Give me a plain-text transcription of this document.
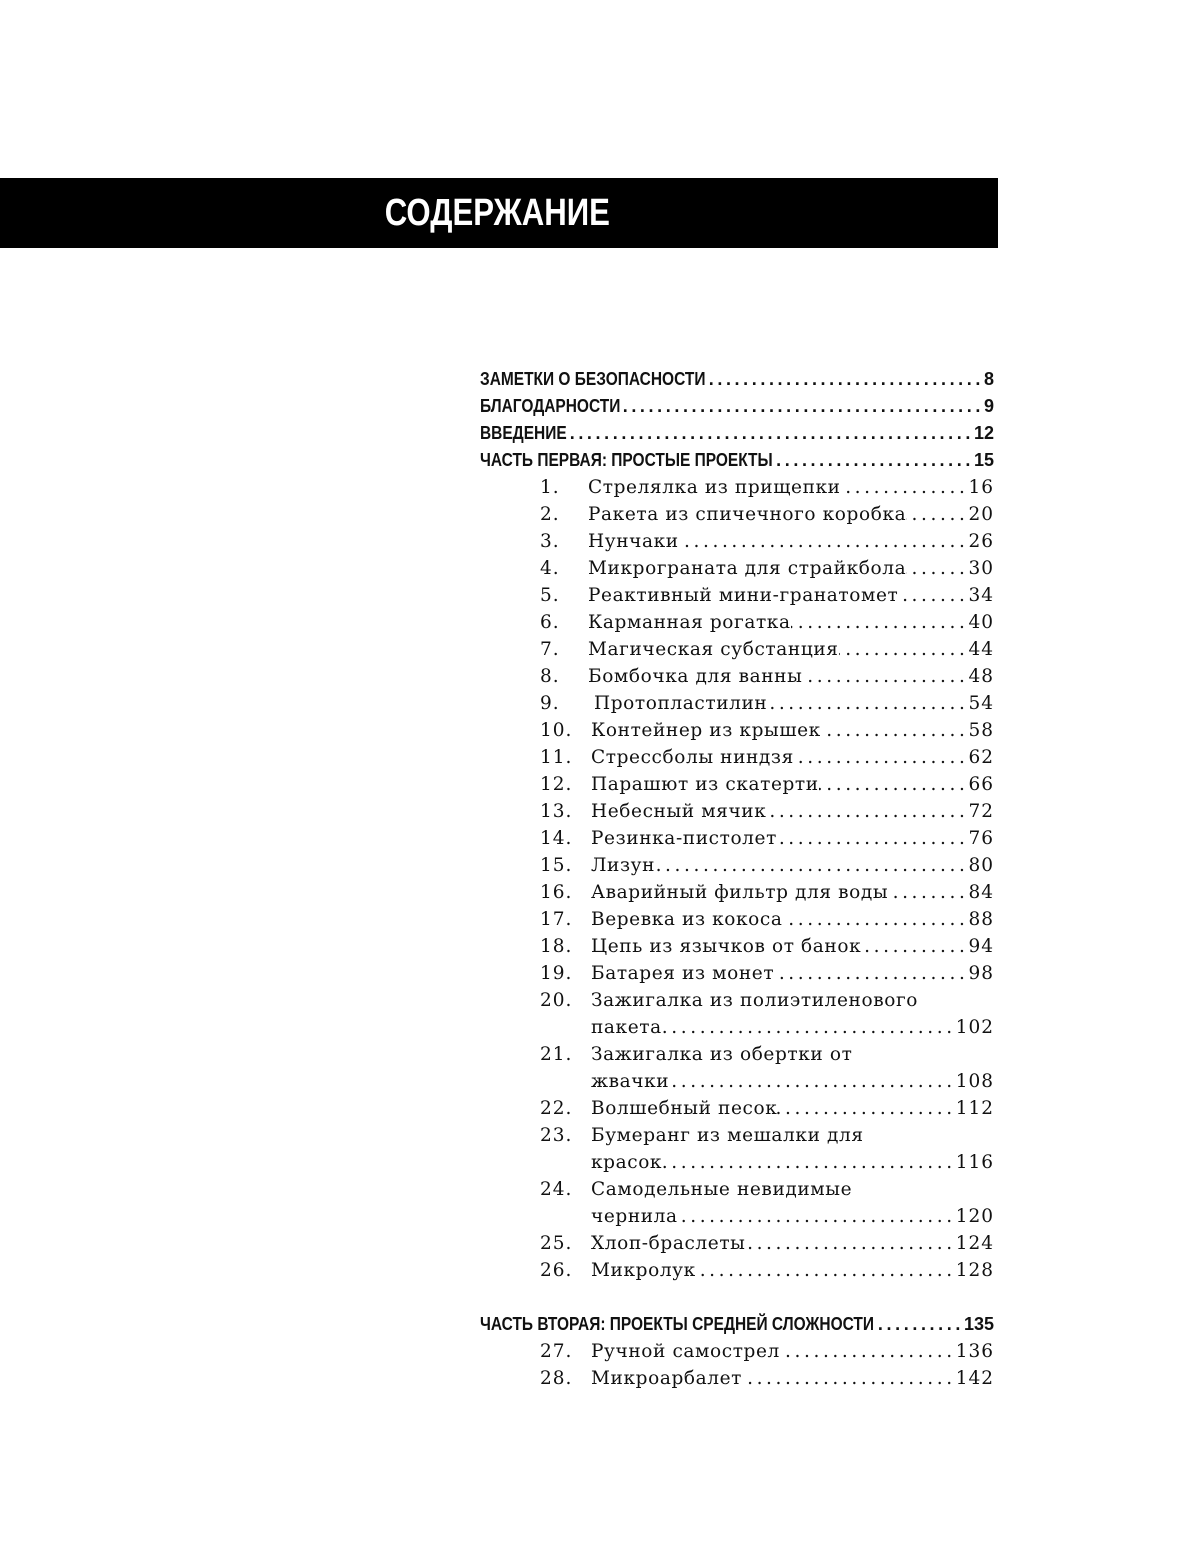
СОДЕРЖАНИЕ
ЗАМЕТКИ О БЕЗОПАСНОСТИ .....	8
БЛАГОДАРНОСТИ .....	9
ВВЕДЕНИЕ .....	12
ЧАСТЬ ПЕРВАЯ: ПРОСТЫЕ ПРОЕКТЫ .....	15
1. Стрелялка из прищепки .....	16
2. Ракета из спичечного коробка .....	20
3. Нунчаки .....	26
4. Микрограната для страйкбола .....	30
5. Реактивный мини-гранатомет .....	34
6. Карманная рогатка .....	40
7. Магическая субстанция .....	44
8. Бомбочка для ванны .....	48
9. Протопластилин .....	54
10. Контейнер из крышек .....	58
11. Стрессболы ниндзя .....	62
12. Парашют из скатерти .....	66
13. Небесный мячик .....	72
14. Резинка-пистолет .....	76
15. Лизун .....	80
16. Аварийный фильтр для воды .....	84
17. Веревка из кокоса .....	88
18. Цепь из язычков от банок .....	94
19. Батарея из монет .....	98
20. Зажигалка из полиэтиленового
пакета .....	102
21. Зажигалка из обертки от
жвачки .....	108
22. Волшебный песок .....	112
23. Бумеранг из мешалки для
красок .....	116
24. Самодельные невидимые
чернила .....	120
25. Хлоп-браслеты .....	124
26. Микролук .....	128
ЧАСТЬ ВТОРАЯ: ПРОЕКТЫ СРЕДНЕЙ СЛОЖНОСТИ .....	135
27. Ручной самострел .....	136
28. Микроарбалет .....	142
